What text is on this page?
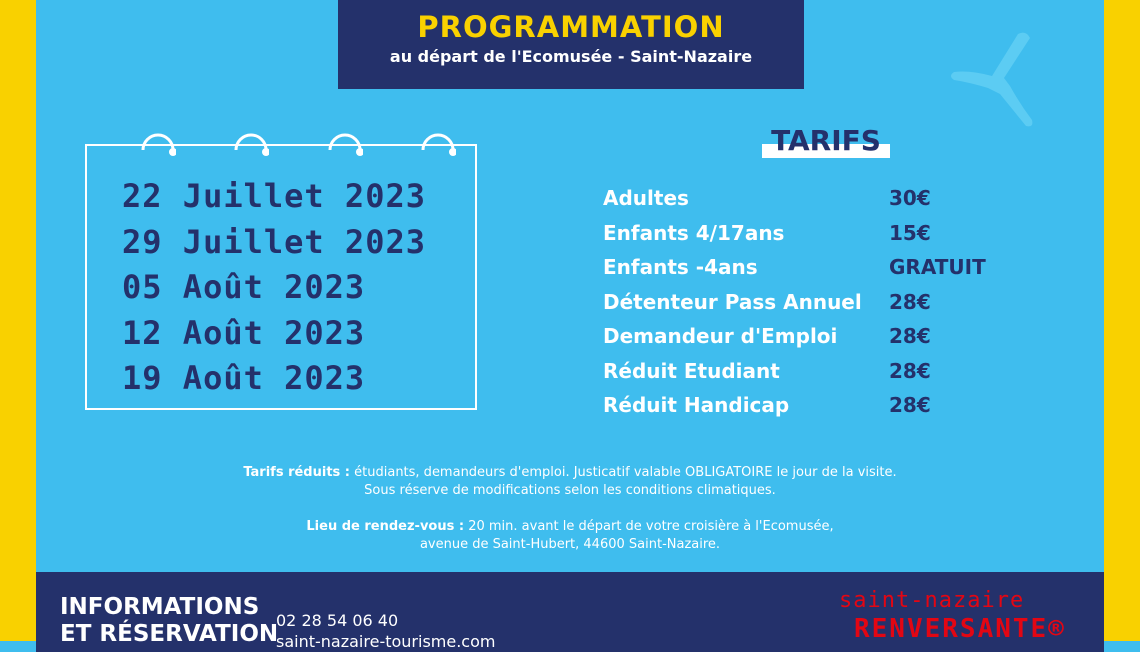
PROGRAMMATION
au départ de l'Ecomusée - Saint-Nazaire
22 Juillet 2023
29 Juillet 2023
05 Août 2023
12 Août 2023
19 Août 2023
TARIFS
Adultes	30€
Enfants 4/17ans	15€
Enfants -4ans	GRATUIT
Détenteur Pass Annuel 28€
Demandeur d'Emploi	28€
Réduit Etudiant	28€
Réduit Handicap	28€
Tarifs réduits : étudiants, demandeurs d'emploi. Justicatif valable OBLIGATOIRE le jour de la visite.
Sous réserve de modifications selon les conditions climatiques.
Lieu de rendez-vous : 20 min. avant le départ de votre croisière à l'Ecomusée,
avenue de Saint-Hubert, 44600 Saint-Nazaire.
INFORMATIONS
ET RÉSERVATION
02 28 54 06 40
saint-nazaire-tourisme.com
saint-nazaire
RENVERSANTE®
